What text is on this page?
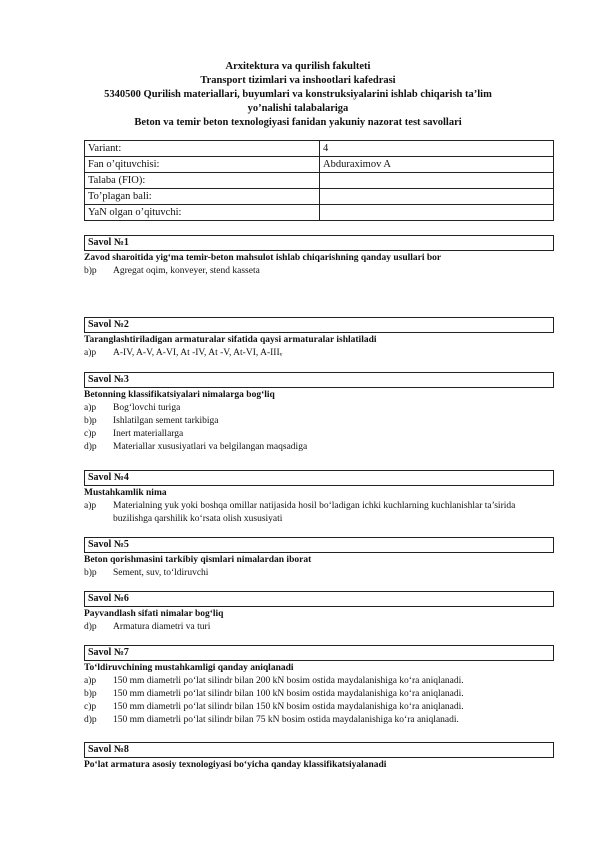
Arxitektura va qurilish fakulteti
Transport tizimlari va inshootlari kafedrasi
5340500 Qurilish materiallari, buyumlari va konstruksiyalarini ishlab chiqarish ta’lim
yo’nalishi talabalariga
Beton va temir beton texnologiyasi fanidan yakuniy nazorat test savollari
Variant:	4
Fan o’qituvchisi:	Abduraximov A
Talaba (FIO):	
To’plagan bali:	
YaN olgan o’qituvchi:	
Savol №1
Zavod sharoitida yig‘ma temir-beton mahsulot ishlab chiqarishning qanday usullari bor
b)p	Agregat oqim, konveyer, stend kasseta
Savol №2
Taranglashtiriladigan armaturalar sifatida qaysi armaturalar ishlatiladi
a)p	A-IV, A-V, A-VI, At -IV, At -V, At-VI, A-IIIᵥ
Savol №3
Betonning klassifikatsiyalari nimalarga bog‘liq
a)p	Bog‘lovchi turiga
b)p	Ishlatilgan sement tarkibiga
c)p	Inert materiallarga
d)p	Materiallar xususiyatlari va belgilangan maqsadiga
Savol №4
Mustahkamlik nima
a)p	Materialning yuk yoki boshqa omillar natijasida hosil bo‘ladigan ichki kuchlarning kuchlanishlar ta’sirida buzilishga qarshilik ko‘rsatа olish xususiyati
Savol №5
Beton qorishmasini tarkibiy qismlari nimalardan iborat
b)p	Sement, suv, to‘ldiruvchi
Savol №6
Payvandlash sifati nimalar bog‘liq
d)p	Armatura diametri va turi
Savol №7
To‘ldiruvchining mustahkamligi qanday aniqlanadi
a)p	150 mm diametrli po‘lat silindr bilan 200 kN bosim ostida maydalanishiga ko‘ra aniqlanadi.
b)p	150 mm diametrli po‘lat silindr bilan 100 kN bosim ostida maydalanishiga ko‘ra aniqlanadi.
c)p	150 mm diametrli po‘lat silindr bilan 150 kN bosim ostida maydalanishiga ko‘ra aniqlanadi.
d)p	150 mm diametrli po‘lat silindr bilan 75 kN bosim ostida maydalanishiga ko‘ra aniqlanadi.
Savol №8
Po‘lat armatura asosiy texnologiyasi bo‘yicha qanday klassifikatsiyalanadi
